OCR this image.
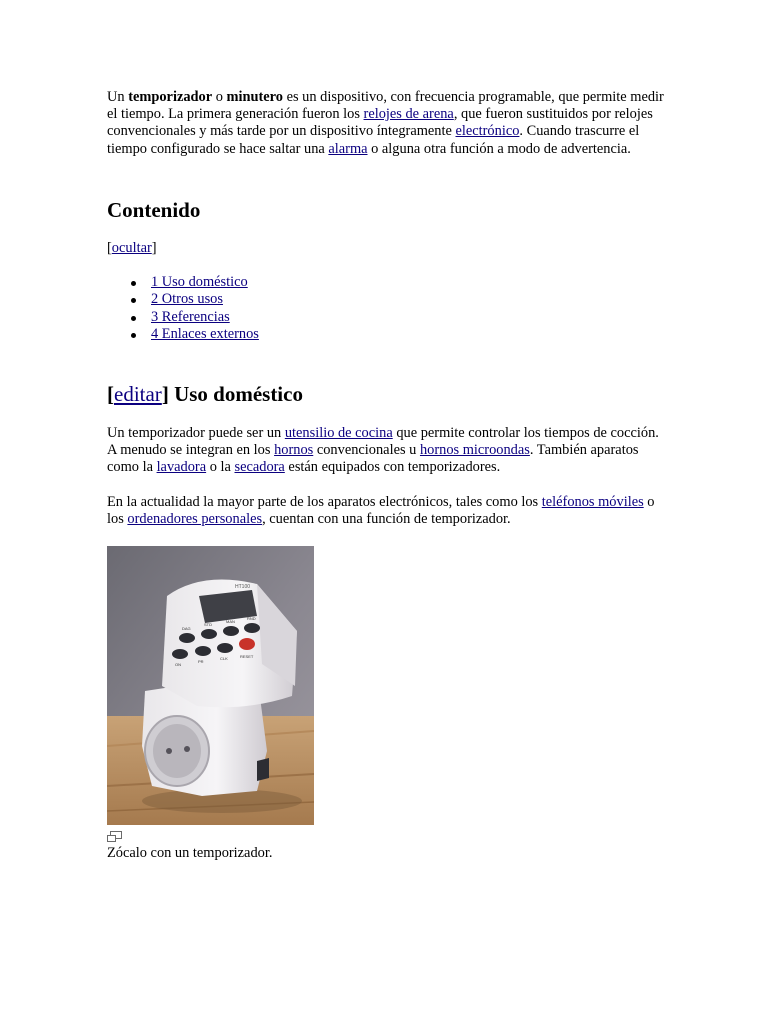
Un temporizador o minutero es un dispositivo, con frecuencia programable, que permite medir el tiempo. La primera generación fueron los relojes de arena, que fueron sustituidos por relojes convencionales y más tarde por un dispositivo íntegramente electrónico. Cuando trascurre el tiempo configurado se hace saltar una alarma o alguna otra función a modo de advertencia.

Contenido
[ocultar]
1 Uso doméstico
2 Otros usos
3 Referencias
4 Enlaces externos
[editar] Uso doméstico

Un temporizador puede ser un utensilio de cocina que permite controlar los tiempos de cocción. A menudo se integran en los hornos convencionales u hornos microondas. También aparatos como la lavadora o la secadora están equipados con temporizadores.

En la actualidad la mayor parte de los aparatos electrónicos, tales como los teléfonos móviles o los ordenadores personales, cuentan con una función de temporizador.

HT100
DAG
STD
MAN
RND
ON
PR
CLK	RESET
Zócalo con un temporizador.
